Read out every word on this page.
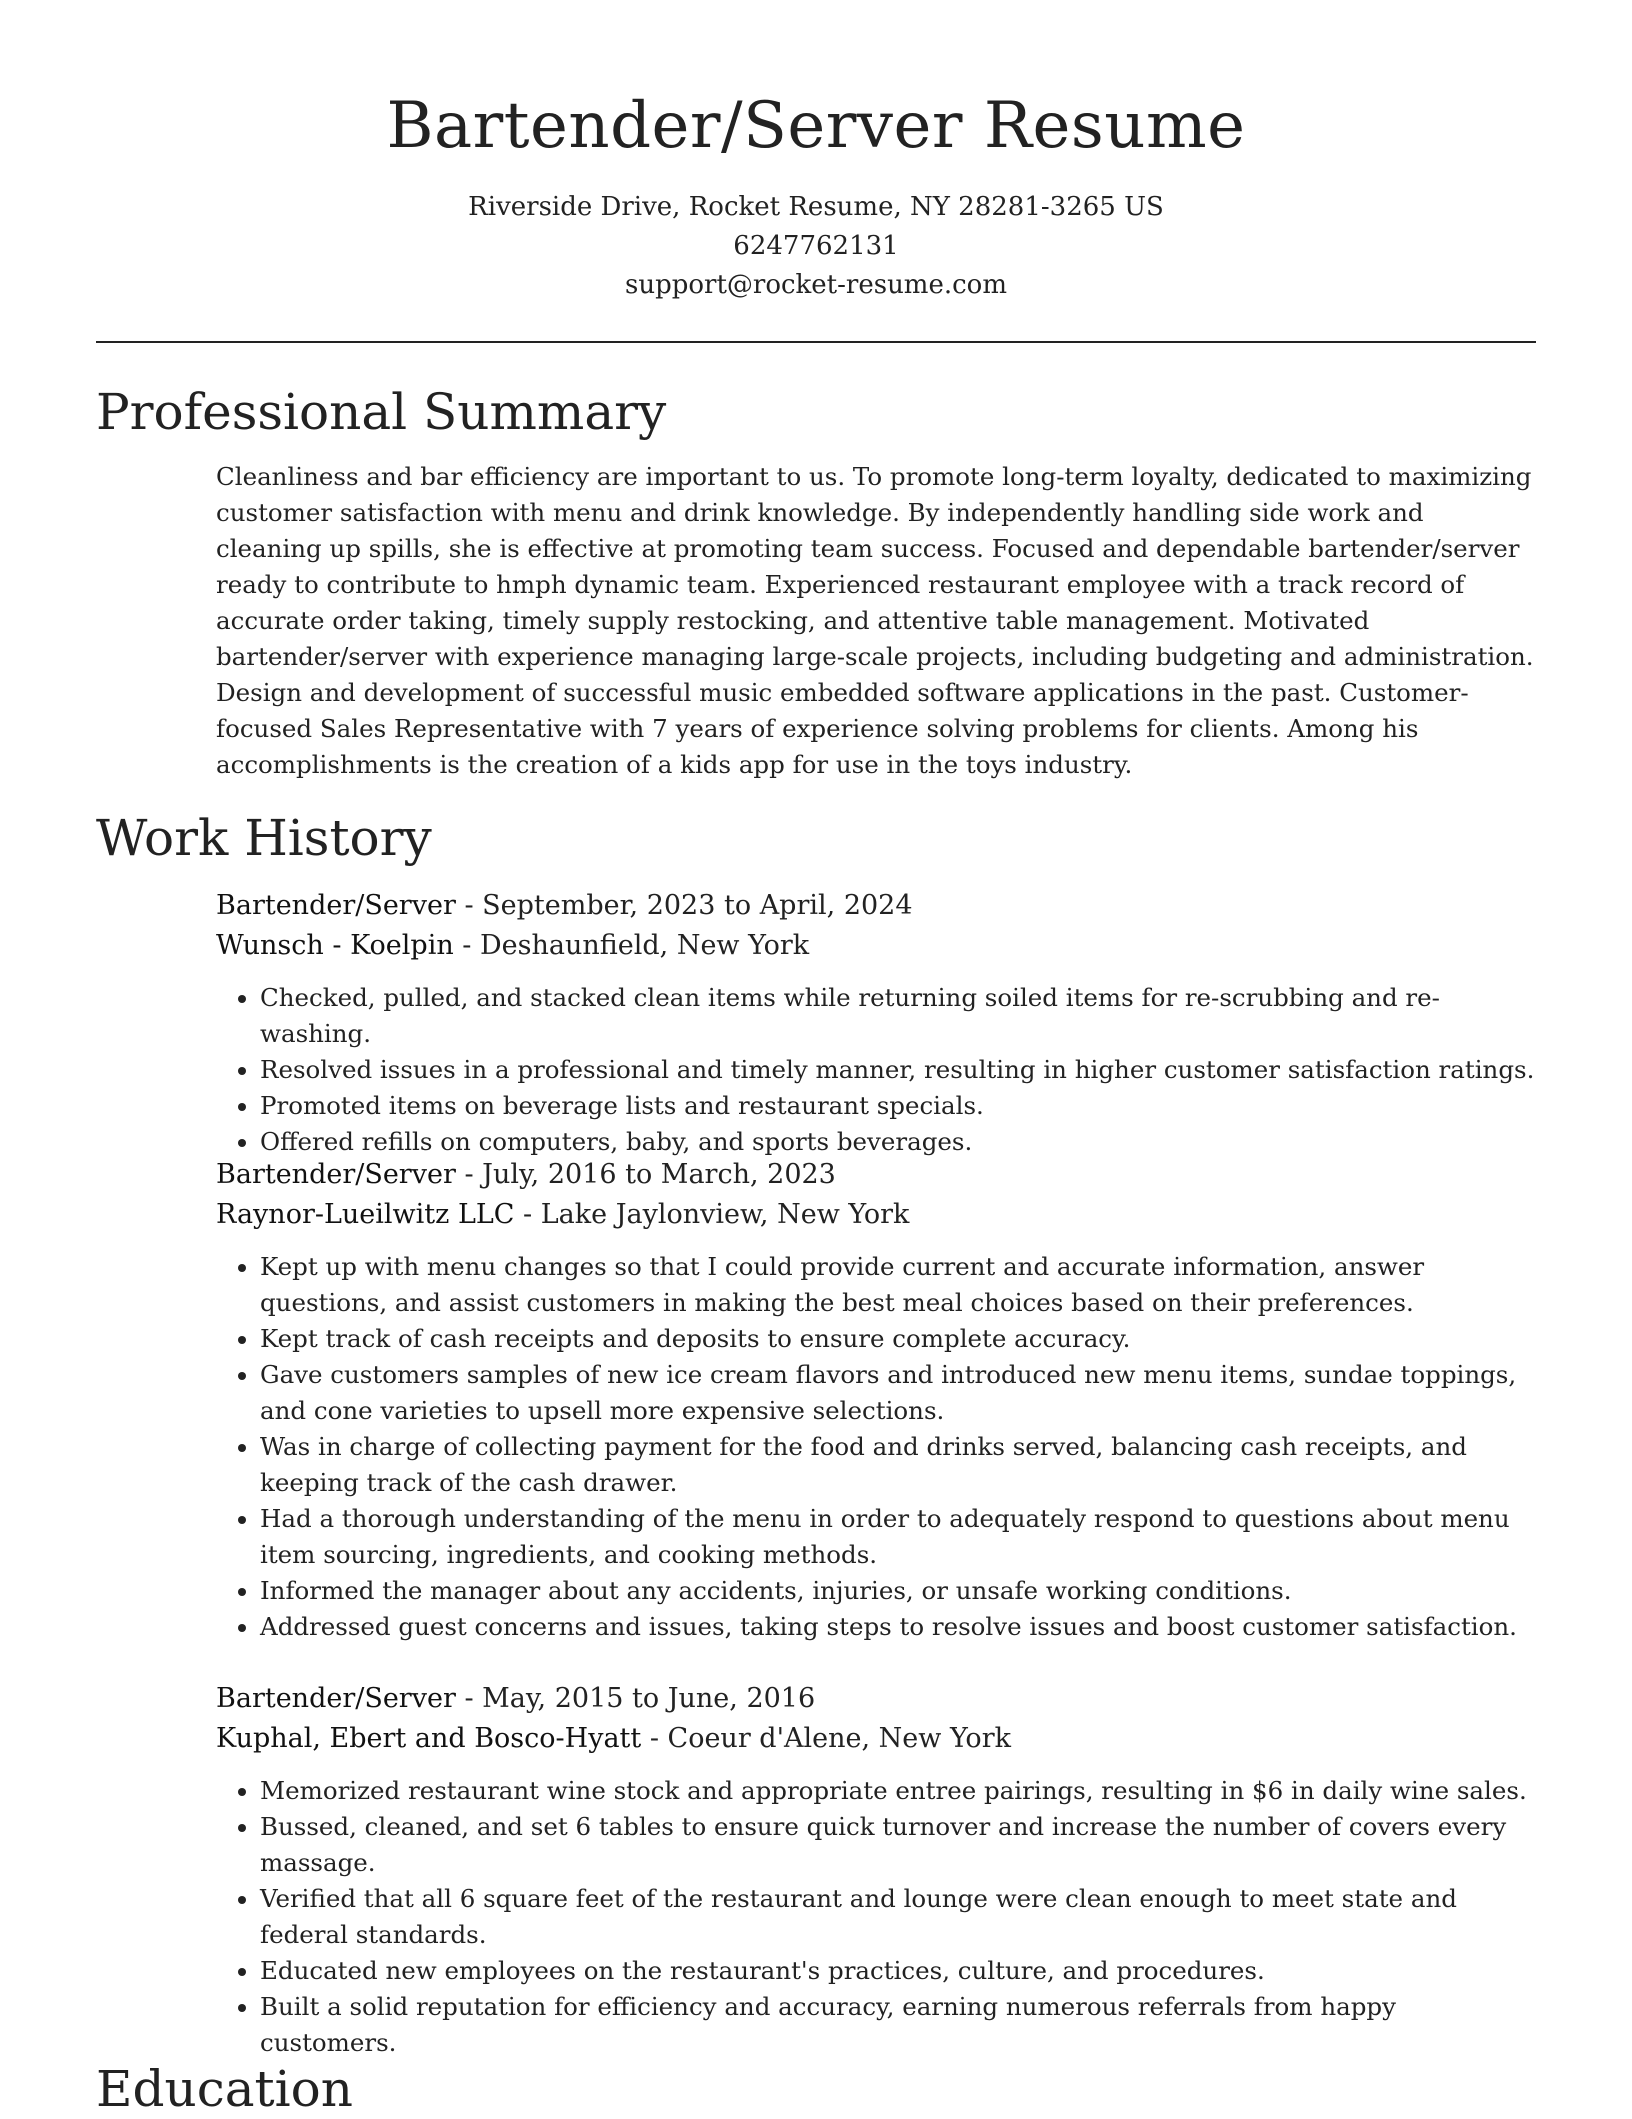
Bartender/Server Resume
Riverside Drive, Rocket Resume, NY 28281-3265 US
6247762131
support@rocket-resume.com
Professional Summary

Cleanliness and bar efficiency are important to us. To promote long-term loyalty, dedicated to maximizing customer satisfaction with menu and drink knowledge. By independently handling side work and cleaning up spills, she is effective at promoting team success. Focused and dependable bartender/server ready to contribute to hmph dynamic team. Experienced restaurant employee with a track record of accurate order taking, timely supply restocking, and attentive table management. Motivated bartender/server with experience managing large-scale projects, including budgeting and administration. Design and development of successful music embedded software applications in the past. Customer-focused Sales Representative with 7 years of experience solving problems for clients. Among his accomplishments is the creation of a kids app for use in the toys industry.

Work History
Bartender/Server - September, 2023 to April, 2024
Wunsch - Koelpin - Deshaunfield, New York
• Checked, pulled, and stacked clean items while returning soiled items for re-scrubbing and re-washing.
• Resolved issues in a professional and timely manner, resulting in higher customer satisfaction ratings.
• Promoted items on beverage lists and restaurant specials.
• Offered refills on computers, baby, and sports beverages.
Bartender/Server - July, 2016 to March, 2023
Raynor-Lueilwitz LLC - Lake Jaylonview, New York
• Kept up with menu changes so that I could provide current and accurate information, answer questions, and assist customers in making the best meal choices based on their preferences.
• Kept track of cash receipts and deposits to ensure complete accuracy.
• Gave customers samples of new ice cream flavors and introduced new menu items, sundae toppings, and cone varieties to upsell more expensive selections.
• Was in charge of collecting payment for the food and drinks served, balancing cash receipts, and keeping track of the cash drawer.
• Had a thorough understanding of the menu in order to adequately respond to questions about menu item sourcing, ingredients, and cooking methods.
• Informed the manager about any accidents, injuries, or unsafe working conditions.
• Addressed guest concerns and issues, taking steps to resolve issues and boost customer satisfaction.
Bartender/Server - May, 2015 to June, 2016
Kuphal, Ebert and Bosco-Hyatt - Coeur d'Alene, New York
• Memorized restaurant wine stock and appropriate entree pairings, resulting in $6 in daily wine sales.
• Bussed, cleaned, and set 6 tables to ensure quick turnover and increase the number of covers every massage.
• Verified that all 6 square feet of the restaurant and lounge were clean enough to meet state and federal standards.
• Educated new employees on the restaurant's practices, culture, and procedures.
• Built a solid reputation for efficiency and accuracy, earning numerous referrals from happy customers.
Education
